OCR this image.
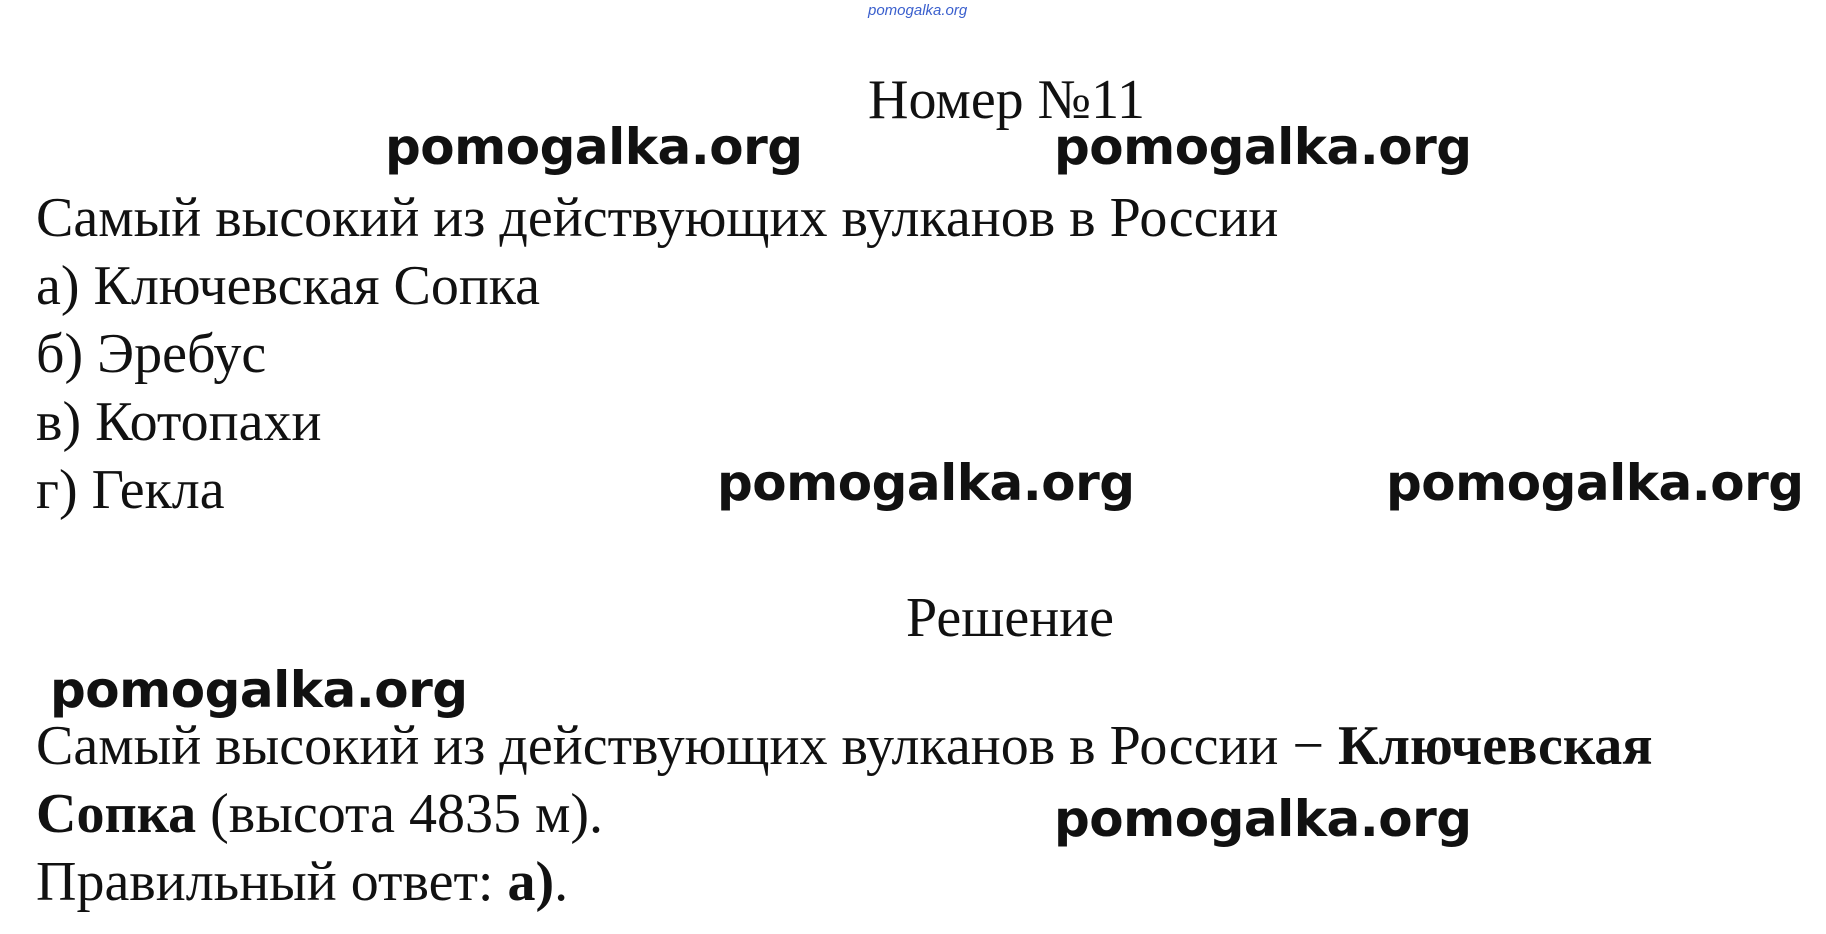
pomogalka.org
Номер №11
pomogalka.org	pomogalka.org
Самый высокий из действующих вулканов в России
а) Ключевская Сопка
б) Эребус
в) Котопахи
г) Гекла	pomogalka.org	pomogalka.org
Решение
pomogalka.org
Самый высокий из действующих вулканов в России − Ключевская
Сопка (высота 4835 м).	pomogalka.org
Правильный ответ: а).
